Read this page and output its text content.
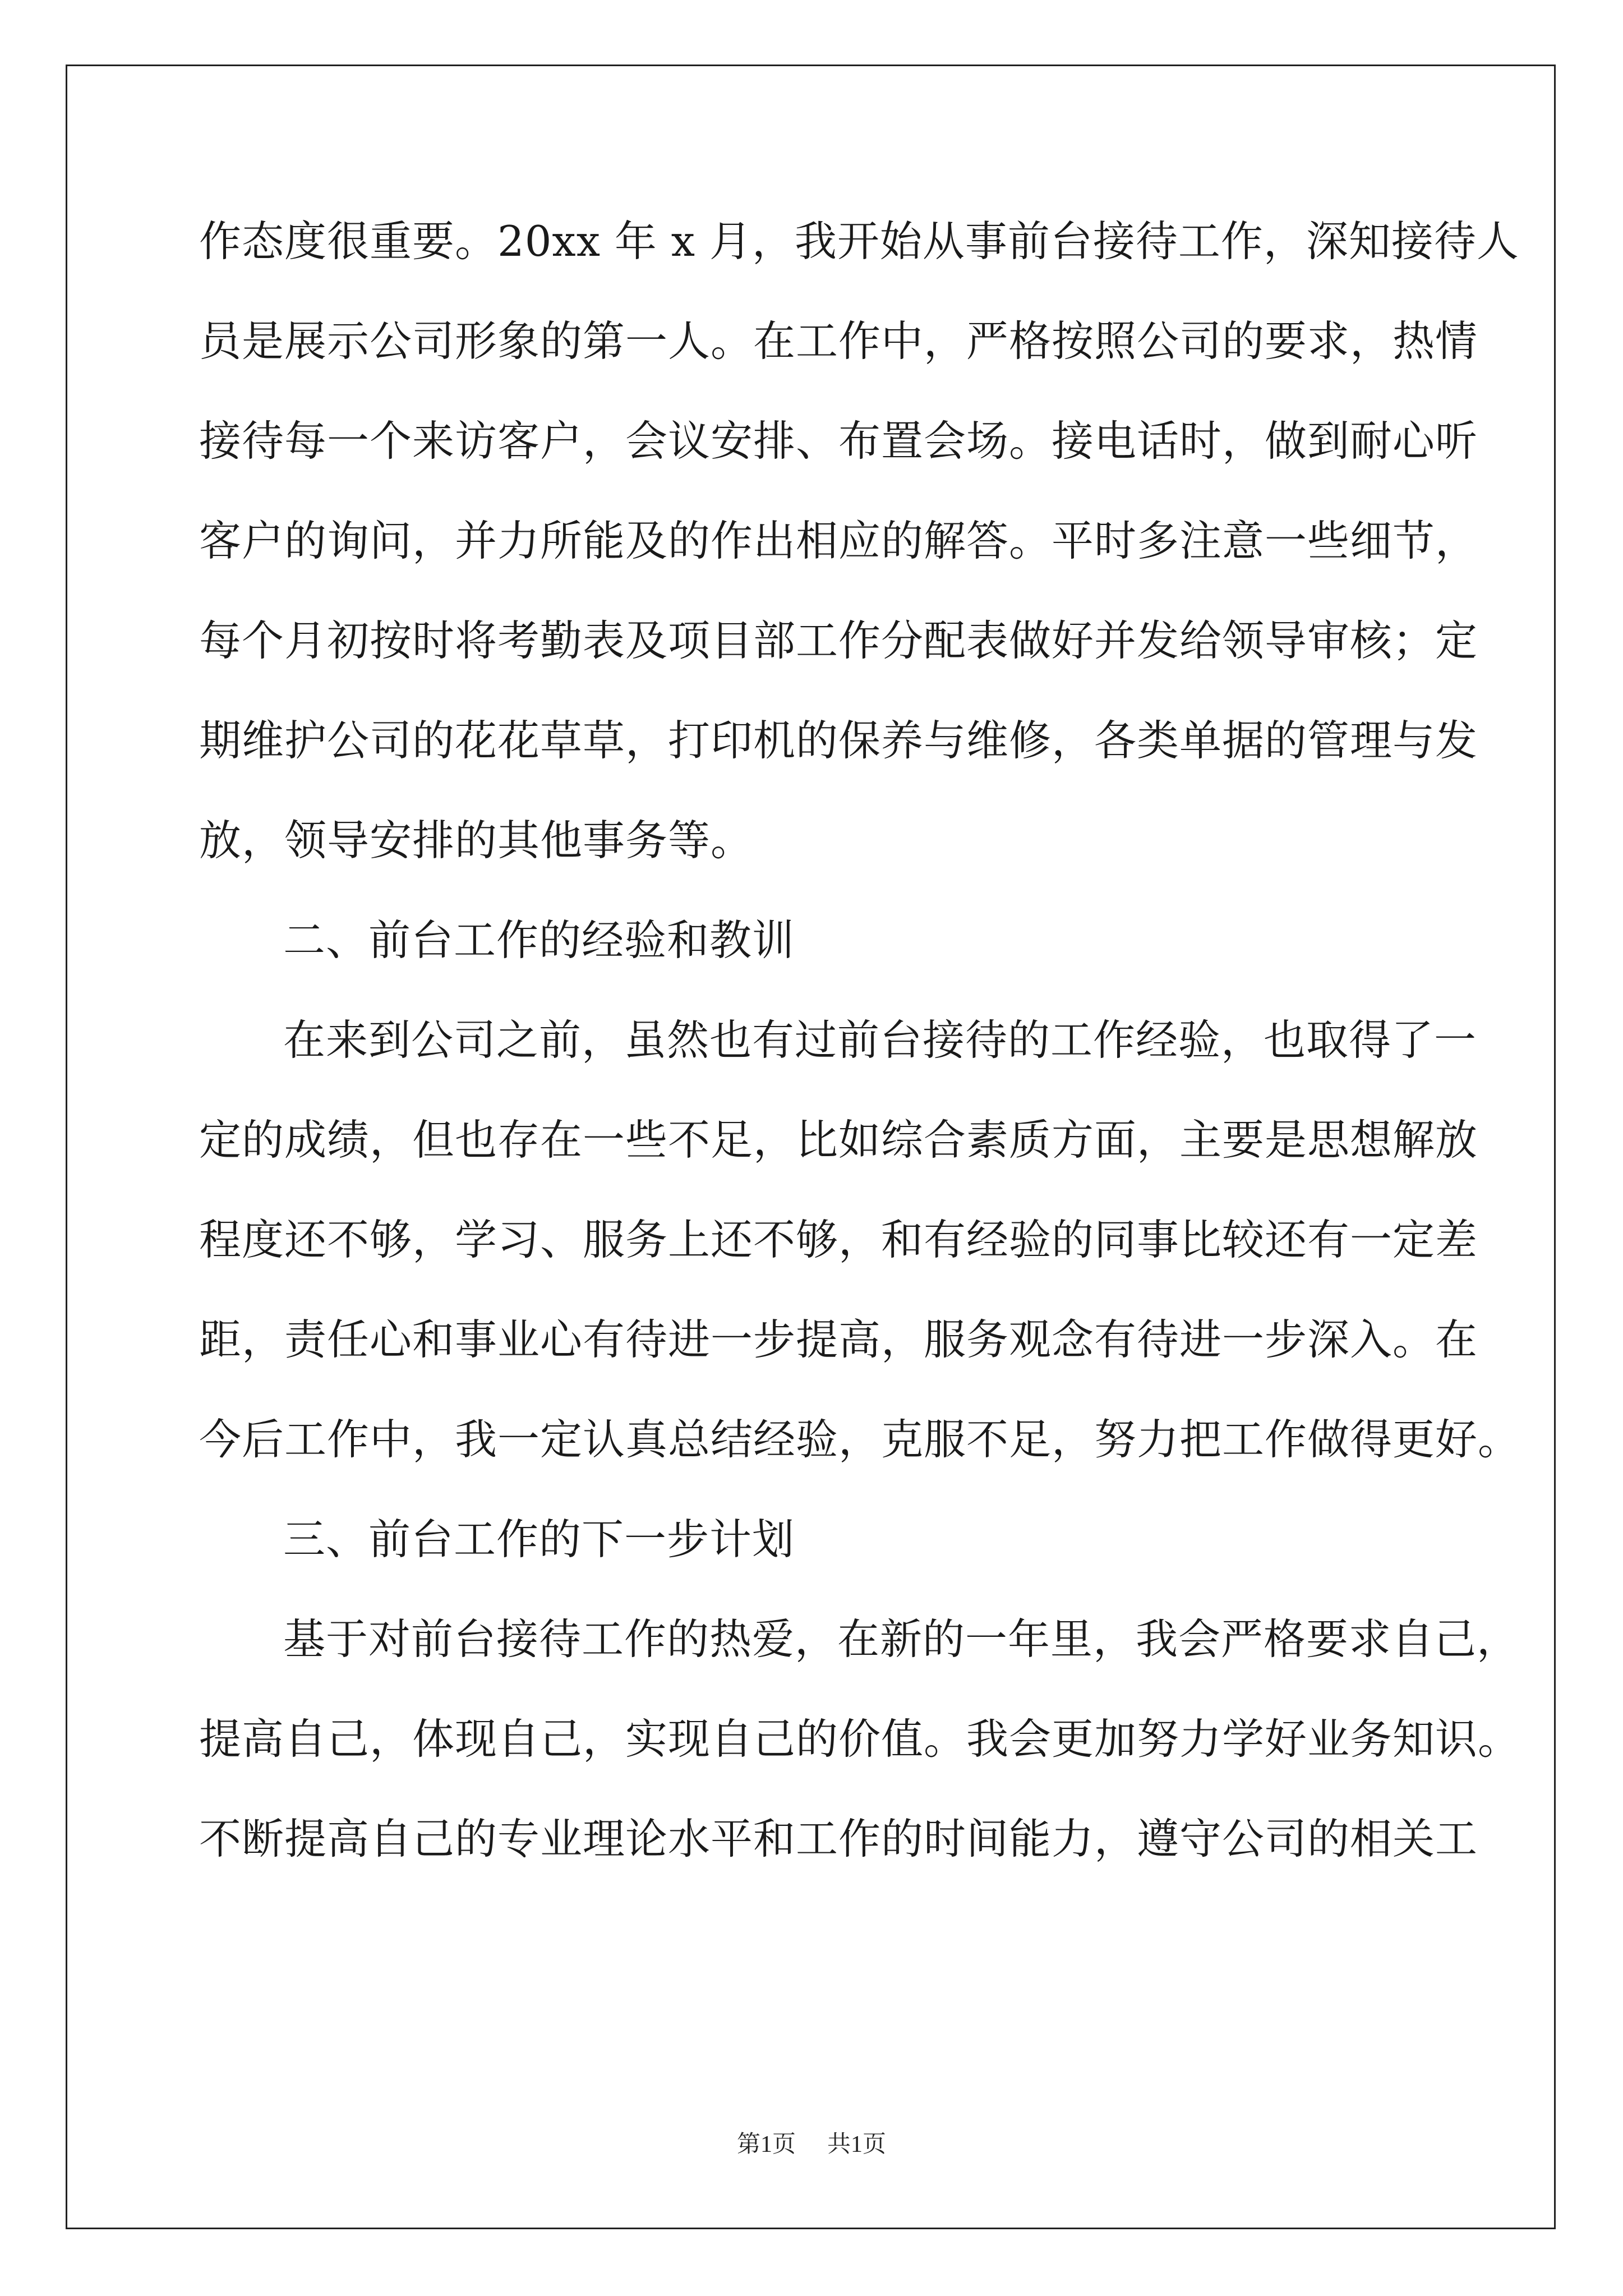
作态度很重要。20xx 年 x 月，我开始从事前台接待工作，深知接待人
员是展示公司形象的第一人。在工作中，严格按照公司的要求，热情
接待每一个来访客户，会议安排、布置会场。接电话时，做到耐心听
客户的询问，并力所能及的作出相应的解答。平时多注意一些细节，
每个月初按时将考勤表及项目部工作分配表做好并发给领导审核；定
期维护公司的花花草草，打印机的保养与维修，各类单据的管理与发
放，领导安排的其他事务等。
二、前台工作的经验和教训
在来到公司之前，虽然也有过前台接待的工作经验，也取得了一
定的成绩，但也存在一些不足，比如综合素质方面，主要是思想解放
程度还不够，学习、服务上还不够，和有经验的同事比较还有一定差
距，责任心和事业心有待进一步提高，服务观念有待进一步深入。在
今后工作中，我一定认真总结经验，克服不足，努力把工作做得更好。
三、前台工作的下一步计划
基于对前台接待工作的热爱，在新的一年里，我会严格要求自己，
提高自己，体现自己，实现自己的价值。我会更加努力学好业务知识。
不断提高自己的专业理论水平和工作的时间能力，遵守公司的相关工
第1页 共1页
